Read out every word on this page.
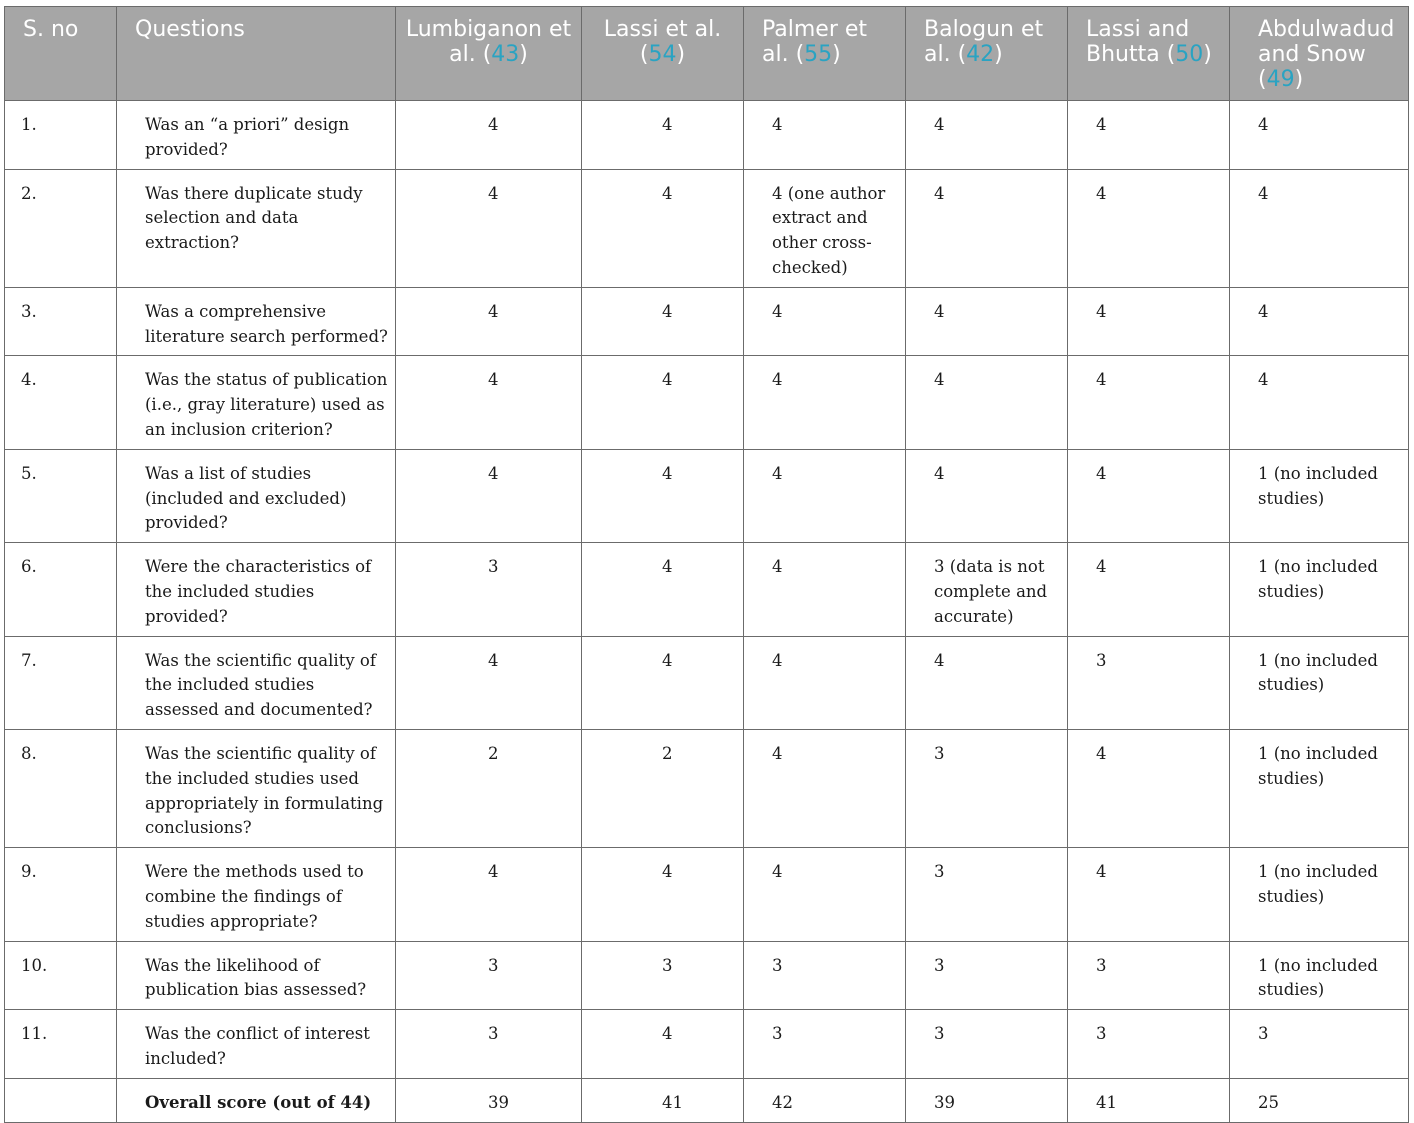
S. no	Questions	Lumbiganon et al. (43)	Lassi et al. (54)	Palmer et al. (55)	Balogun et al. (42)	Lassi and Bhutta (50)	Abdulwadud and Snow (49)
1.	Was an “a priori” design provided?	4	4	4	4	4	4
2.	Was there duplicate study selection and data extraction?	4	4	4 (one author extract and other cross-checked)	4	4	4
3.	Was a comprehensive literature search performed?	4	4	4	4	4	4
4.	Was the status of publication (i.e., gray literature) used as an inclusion criterion?	4	4	4	4	4	4
5.	Was a list of studies (included and excluded) provided?	4	4	4	4	4	1 (no included studies)
6.	Were the characteristics of the included studies provided?	3	4	4	3 (data is not complete and accurate)	4	1 (no included studies)
7.	Was the scientific quality of the included studies assessed and documented?	4	4	4	4	3	1 (no included studies)
8.	Was the scientific quality of the included studies used appropriately in formulating conclusions?	2	2	4	3	4	1 (no included studies)
9.	Were the methods used to combine the findings of studies appropriate?	4	4	4	3	4	1 (no included studies)
10.	Was the likelihood of publication bias assessed?	3	3	3	3	3	1 (no included studies)
11.	Was the conflict of interest included?	3	4	3	3	3	3
	Overall score (out of 44)	39	41	42	39	41	25
